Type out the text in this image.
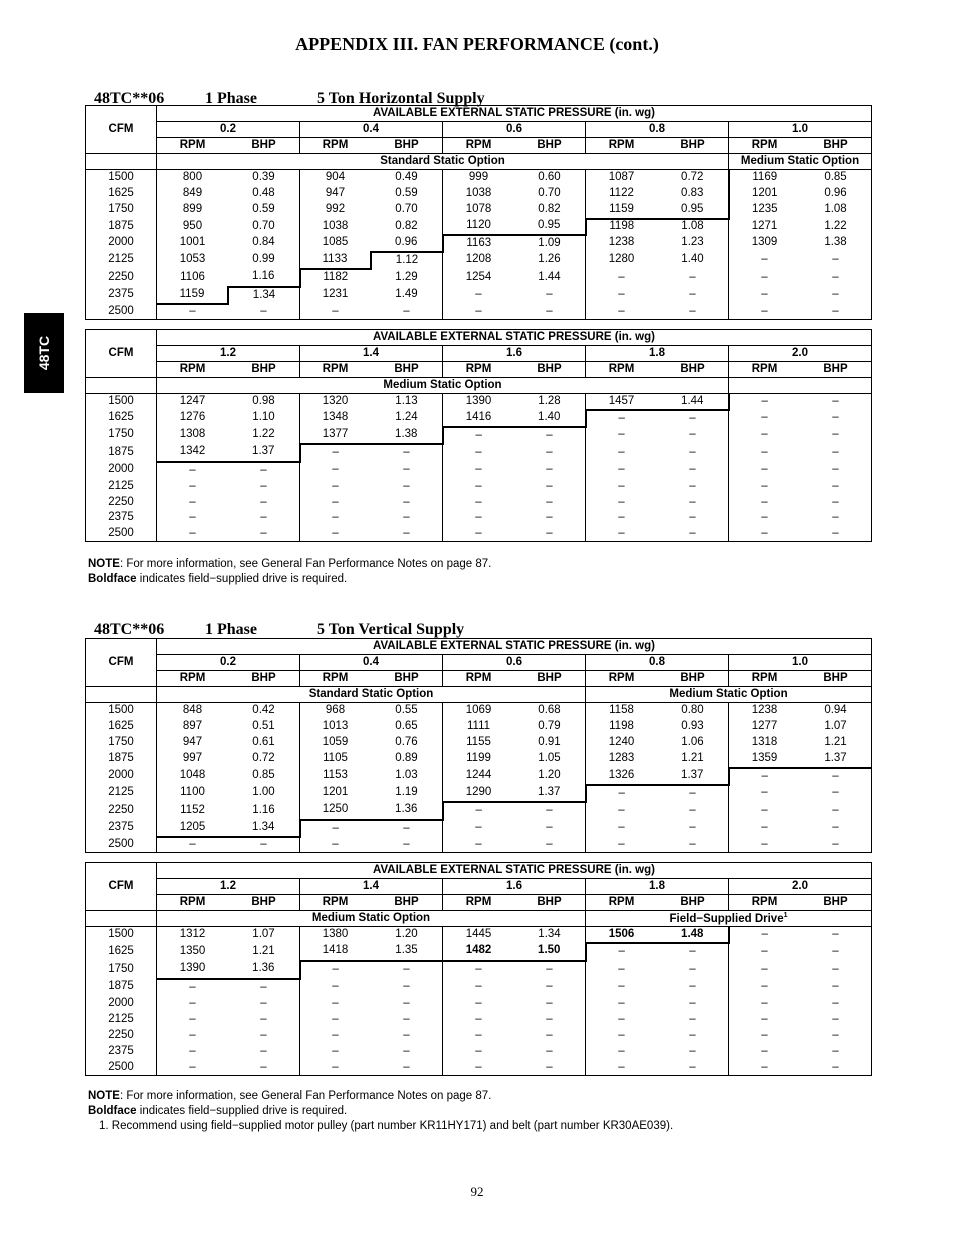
APPENDIX III. FAN PERFORMANCE (cont.)
48TC

48TC**06	1 Phase	5 Ton Horizontal Supply

CFM	AVAILABLE EXTERNAL STATIC PRESSURE (in. wg)									
	0.2		0.4		0.6		0.8		1.0	
	RPM	BHP	RPM	BHP	RPM	BHP	RPM	BHP	RPM	BHP
	Standard Static Option								Medium Static Option	
1500	800	0.39	904	0.49	999	0.60	1087	0.72	1169	0.85
1625	849	0.48	947	0.59	1038	0.70	1122	0.83	1201	0.96
1750	899	0.59	992	0.70	1078	0.82	1159	0.95	1235	1.08
1875	950	0.70	1038	0.82	1120	0.95	1198	1.08	1271	1.22
2000	1001	0.84	1085	0.96	1163	1.09	1238	1.23	1309	1.38
2125	1053	0.99	1133	1.12	1208	1.26	1280	1.40	–	–
2250	1106	1.16	1182	1.29	1254	1.44	–	–	–	–
2375	1159	1.34	1231	1.49	–	–	–	–	–	–
2500	–	–	–	–	–	–	–	–	–	–
CFM	AVAILABLE EXTERNAL STATIC PRESSURE (in. wg)									
	1.2		1.4		1.6		1.8		2.0	
	RPM	BHP	RPM	BHP	RPM	BHP	RPM	BHP	RPM	BHP
	Medium Static Option									
1500	1247	0.98	1320	1.13	1390	1.28	1457	1.44	–	–
1625	1276	1.10	1348	1.24	1416	1.40	–	–	–	–
1750	1308	1.22	1377	1.38	–	–	–	–	–	–
1875	1342	1.37	–	–	–	–	–	–	–	–
2000	–	–	–	–	–	–	–	–	–	–
2125	–	–	–	–	–	–	–	–	–	–
2250	–	–	–	–	–	–	–	–	–	–
2375	–	–	–	–	–	–	–	–	–	–
2500	–	–	–	–	–	–	–	–	–	–
NOTE: For more information, see General Fan Performance Notes on page 87.
Boldface indicates field−supplied drive is required.

48TC**06	1 Phase	5 Ton Vertical Supply

CFM	AVAILABLE EXTERNAL STATIC PRESSURE (in. wg)									
	0.2		0.4		0.6		0.8		1.0	
	RPM	BHP	RPM	BHP	RPM	BHP	RPM	BHP	RPM	BHP
	Standard Static Option						Medium Static Option			
1500	848	0.42	968	0.55	1069	0.68	1158	0.80	1238	0.94
1625	897	0.51	1013	0.65	1111	0.79	1198	0.93	1277	1.07
1750	947	0.61	1059	0.76	1155	0.91	1240	1.06	1318	1.21
1875	997	0.72	1105	0.89	1199	1.05	1283	1.21	1359	1.37
2000	1048	0.85	1153	1.03	1244	1.20	1326	1.37	–	–
2125	1100	1.00	1201	1.19	1290	1.37	–	–	–	–
2250	1152	1.16	1250	1.36	–	–	–	–	–	–
2375	1205	1.34	–	–	–	–	–	–	–	–
2500	–	–	–	–	–	–	–	–	–	–
CFM	AVAILABLE EXTERNAL STATIC PRESSURE (in. wg)									
	1.2		1.4		1.6		1.8		2.0	
	RPM	BHP	RPM	BHP	RPM	BHP	RPM	BHP	RPM	BHP
	Medium Static Option						Field−Supplied Drive$^1$
1500	1312	1.07	1380	1.20	1445	1.34	1506	1.48	–	–
1625	1350	1.21	1418	1.35	1482	1.50	–	–	–	–
1750	1390	1.36	–	–	–	–	–	–	–	–
1875	–	–	–	–	–	–	–	–	–	–
2000	–	–	–	–	–	–	–	–	–	–
2125	–	–	–	–	–	–	–	–	–	–
2250	–	–	–	–	–	–	–	–	–	–
2375	–	–	–	–	–	–	–	–	–	–
2500	–	–	–	–	–	–	–	–	–	–
NOTE: For more information, see General Fan Performance Notes on page 87.
Boldface indicates field−supplied drive is required.
1. Recommend using field−supplied motor pulley (part number KR11HY171) and belt (part number KR30AE039).
92
